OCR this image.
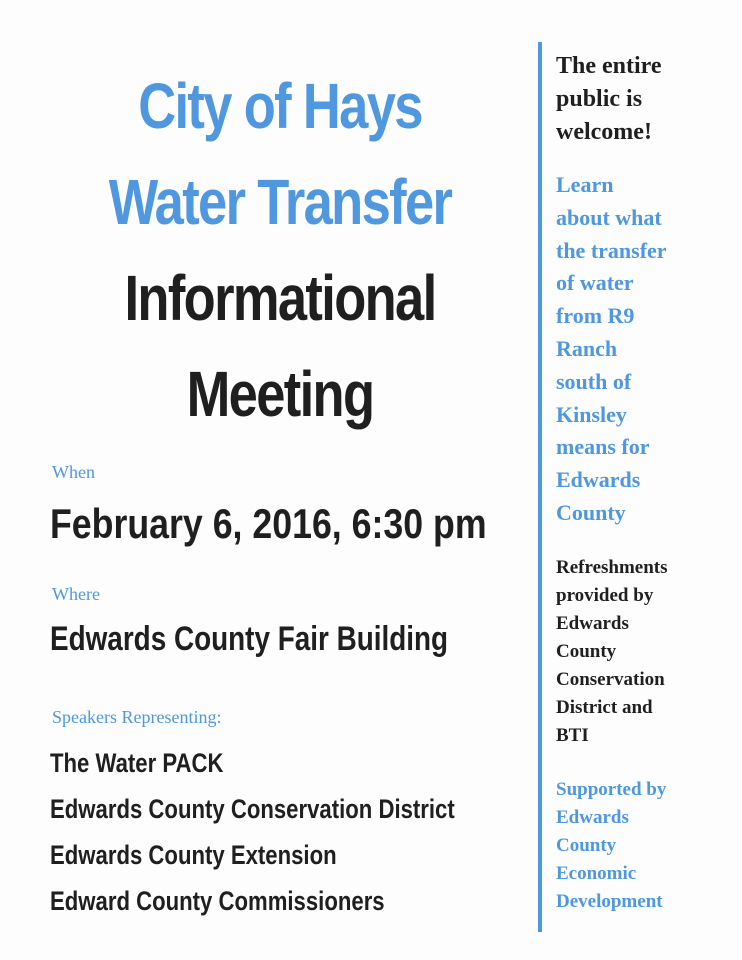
City of Hays
Water Transfer
Informational
Meeting
When
February 6, 2016, 6:30 pm
Where
Edwards County Fair Building
Speakers Representing:
The Water PACK
Edwards County Conservation District
Edwards County Extension
Edward County Commissioners
The entire
public is
welcome!
Learn
about what
the transfer
of water
from R9
Ranch
south of
Kinsley
means for
Edwards
County
Refreshments
provided by
Edwards
County
Conservation
District and
BTI
Supported by
Edwards
County
Economic
Development
